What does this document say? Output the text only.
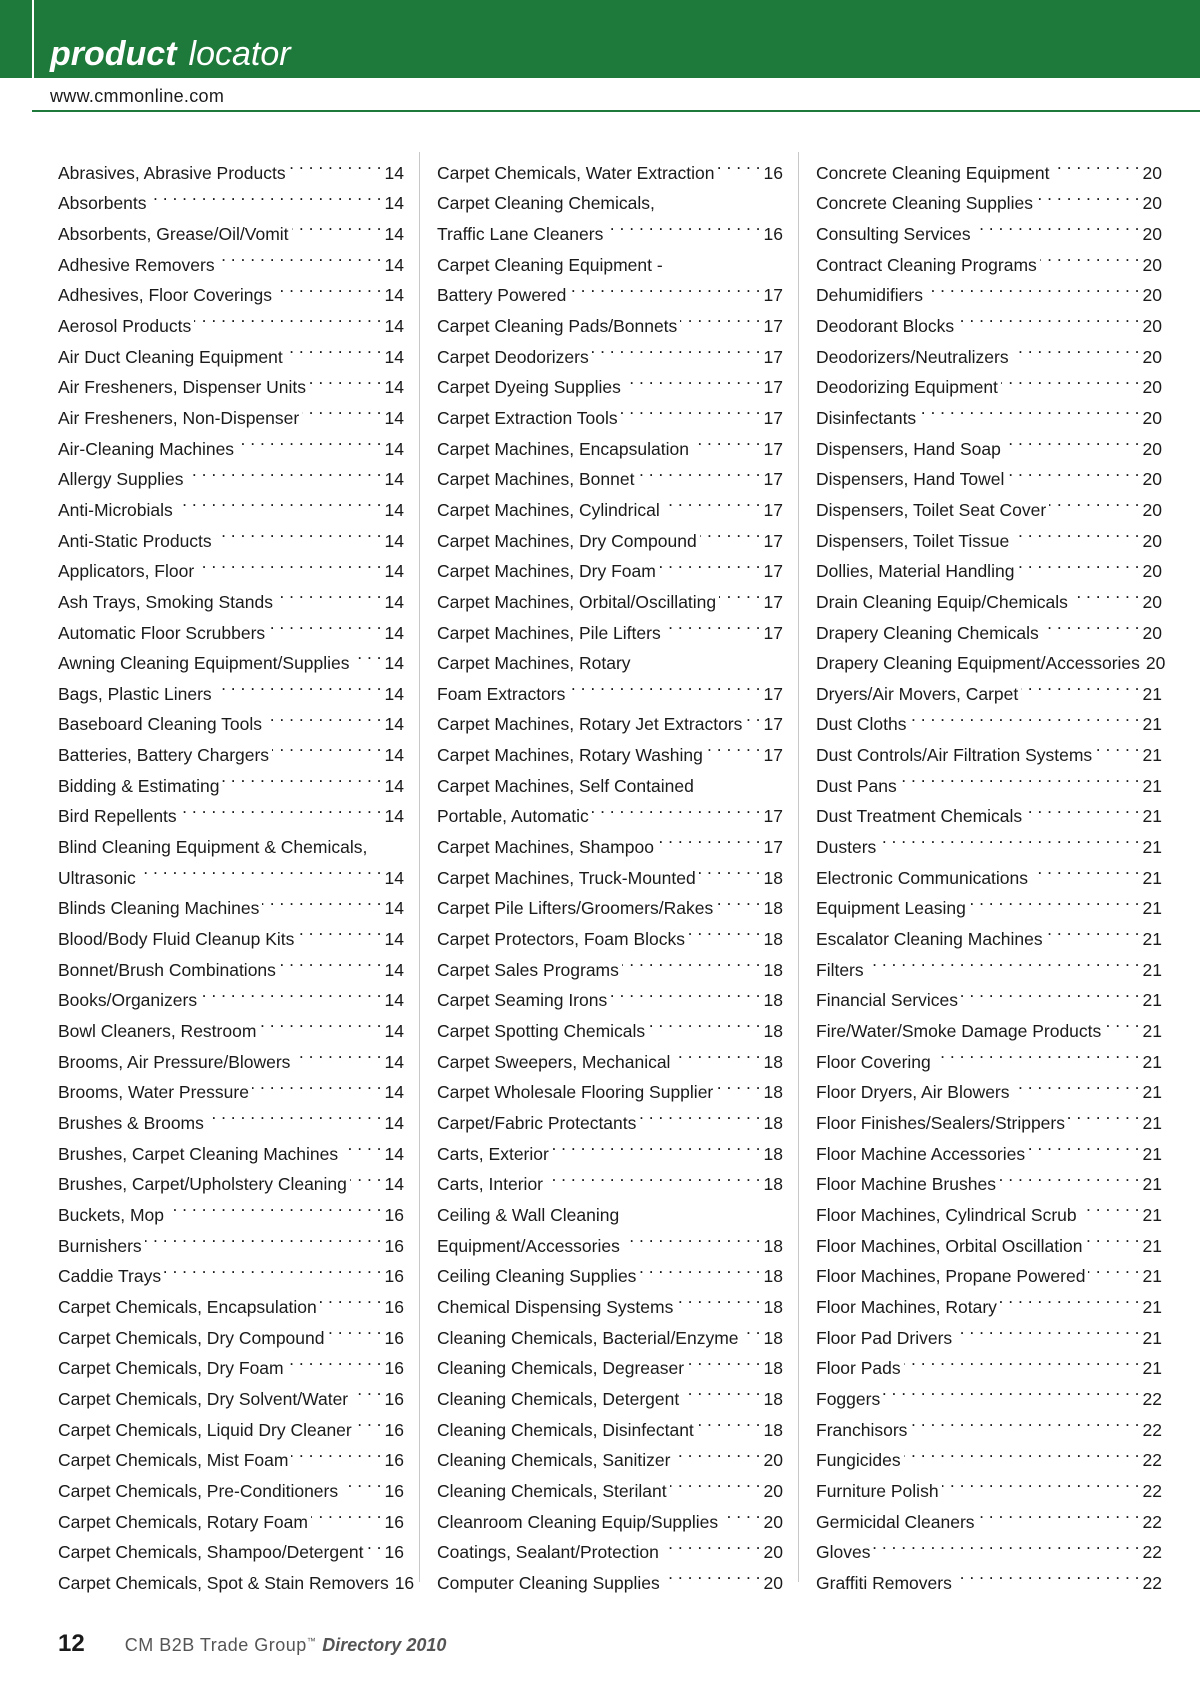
product locator
www.cmmonline.com
Abrasives, Abrasive Products . . .	14
Absorbents . . .	14
Absorbents, Grease/Oil/Vomit . . .	14
Adhesive Removers . . .	14
Adhesives, Floor Coverings . . .	14
Aerosol Products . . .	14
Air Duct Cleaning Equipment . . .	14
Air Fresheners, Dispenser Units . . .	14
Air Fresheners, Non-Dispenser . . .	14
Air-Cleaning Machines . . .	14
Allergy Supplies . . .	14
Anti-Microbials . . .	14
Anti-Static Products . . .	14
Applicators, Floor . . .	14
Ash Trays, Smoking Stands . . .	14
Automatic Floor Scrubbers . . .	14
Awning Cleaning Equipment/Supplies . . . 14
Bags, Plastic Liners . . .	14
Baseboard Cleaning Tools . . .	14
Batteries, Battery Chargers . . .	14
Bidding & Estimating . . .	14
Bird Repellents . . .	14
Blind Cleaning Equipment & Chemicals,
Ultrasonic . . .	14
Blinds Cleaning Machines . . .	14
Blood/Body Fluid Cleanup Kits . . .	14
Bonnet/Brush Combinations . . .	14
Books/Organizers . . .	14
Bowl Cleaners, Restroom . . .	14
Brooms, Air Pressure/Blowers . . .	14
Brooms, Water Pressure . . .	14
Brushes & Brooms . . .	14
Brushes, Carpet Cleaning Machines . . .	14
Brushes, Carpet/Upholstery Cleaning . . . 14
Buckets, Mop . . .	16
Burnishers . . .	16
Caddie Trays . . .	16
Carpet Chemicals, Encapsulation . . .	16
Carpet Chemicals, Dry Compound . . .	16
Carpet Chemicals, Dry Foam . . .	16
Carpet Chemicals, Dry Solvent/Water . . . 16
Carpet Chemicals, Liquid Dry Cleaner . . . 16
Carpet Chemicals, Mist Foam . . .	16
Carpet Chemicals, Pre-Conditioners . . .	16
Carpet Chemicals, Rotary Foam . . .	16
Carpet Chemicals, Shampoo/Detergent . . . 16
Carpet Chemicals, Spot & Stain Removers 16
Carpet Chemicals, Water Extraction . . .	16
Carpet Cleaning Chemicals,
Traffic Lane Cleaners . . .	16
Carpet Cleaning Equipment -
Battery Powered . . .	17
Carpet Cleaning Pads/Bonnets . . .	17
Carpet Deodorizers . . .	17
Carpet Dyeing Supplies . . .	17
Carpet Extraction Tools . . .	17
Carpet Machines, Encapsulation . . .	17
Carpet Machines, Bonnet . . .	17
Carpet Machines, Cylindrical . . .	17
Carpet Machines, Dry Compound . . .	17
Carpet Machines, Dry Foam . . .	17
Carpet Machines, Orbital/Oscillating . . .	17
Carpet Machines, Pile Lifters . . .	17
Carpet Machines, Rotary
Foam Extractors . . .	17
Carpet Machines, Rotary Jet Extractors . . . 17
Carpet Machines, Rotary Washing . . .	17
Carpet Machines, Self Contained
Portable, Automatic . . .	17
Carpet Machines, Shampoo . . .	17
Carpet Machines, Truck-Mounted . . .	18
Carpet Pile Lifters/Groomers/Rakes . . .	18
Carpet Protectors, Foam Blocks . . .	18
Carpet Sales Programs . . .	18
Carpet Seaming Irons . . .	18
Carpet Spotting Chemicals . . .	18
Carpet Sweepers, Mechanical . . .	18
Carpet Wholesale Flooring Supplier . . .	18
Carpet/Fabric Protectants . . .	18
Carts, Exterior . . .	18
Carts, Interior . . .	18
Ceiling & Wall Cleaning
Equipment/Accessories . . .	18
Ceiling Cleaning Supplies . . .	18
Chemical Dispensing Systems . . .	18
Cleaning Chemicals, Bacterial/Enzyme . . . 18
Cleaning Chemicals, Degreaser . . .	18
Cleaning Chemicals, Detergent . . .	18
Cleaning Chemicals, Disinfectant . . .	18
Cleaning Chemicals, Sanitizer . . .	20
Cleaning Chemicals, Sterilant . . .	20
Cleanroom Cleaning Equip/Supplies . . .	20
Coatings, Sealant/Protection . . .	20
Computer Cleaning Supplies . . .	20
Concrete Cleaning Equipment . . .	20
Concrete Cleaning Supplies . . .	20
Consulting Services . . .	20
Contract Cleaning Programs . . .	20
Dehumidifiers . . .	20
Deodorant Blocks . . .	20
Deodorizers/Neutralizers . . .	20
Deodorizing Equipment . . .	20
Disinfectants . . .	20
Dispensers, Hand Soap . . .	20
Dispensers, Hand Towel . . .	20
Dispensers, Toilet Seat Cover . . .	20
Dispensers, Toilet Tissue . . .	20
Dollies, Material Handling . . .	20
Drain Cleaning Equip/Chemicals . . .	20
Drapery Cleaning Chemicals . . .	20
Drapery Cleaning Equipment/Accessories 20
Dryers/Air Movers, Carpet . . .	21
Dust Cloths . . .	21
Dust Controls/Air Filtration Systems . . .	21
Dust Pans . . .	21
Dust Treatment Chemicals . . .	21
Dusters . . .	21
Electronic Communications . . .	21
Equipment Leasing . . .	21
Escalator Cleaning Machines . . .	21
Filters . . .	21
Financial Services . . .	21
Fire/Water/Smoke Damage Products . . . 21
Floor Covering . . .	21
Floor Dryers, Air Blowers . . .	21
Floor Finishes/Sealers/Strippers . . .	21
Floor Machine Accessories . . .	21
Floor Machine Brushes . . .	21
Floor Machines, Cylindrical Scrub . . .	21
Floor Machines, Orbital Oscillation . . .	21
Floor Machines, Propane Powered . . .	21
Floor Machines, Rotary . . .	21
Floor Pad Drivers . . .	21
Floor Pads . . .	21
Foggers . . .	22
Franchisors . . .	22
Fungicides . . .	22
Furniture Polish . . .	22
Germicidal Cleaners . . .	22
Gloves . . .	22
Graffiti Removers . . .	22
12 CM B2B Trade Group™ Directory 2010
